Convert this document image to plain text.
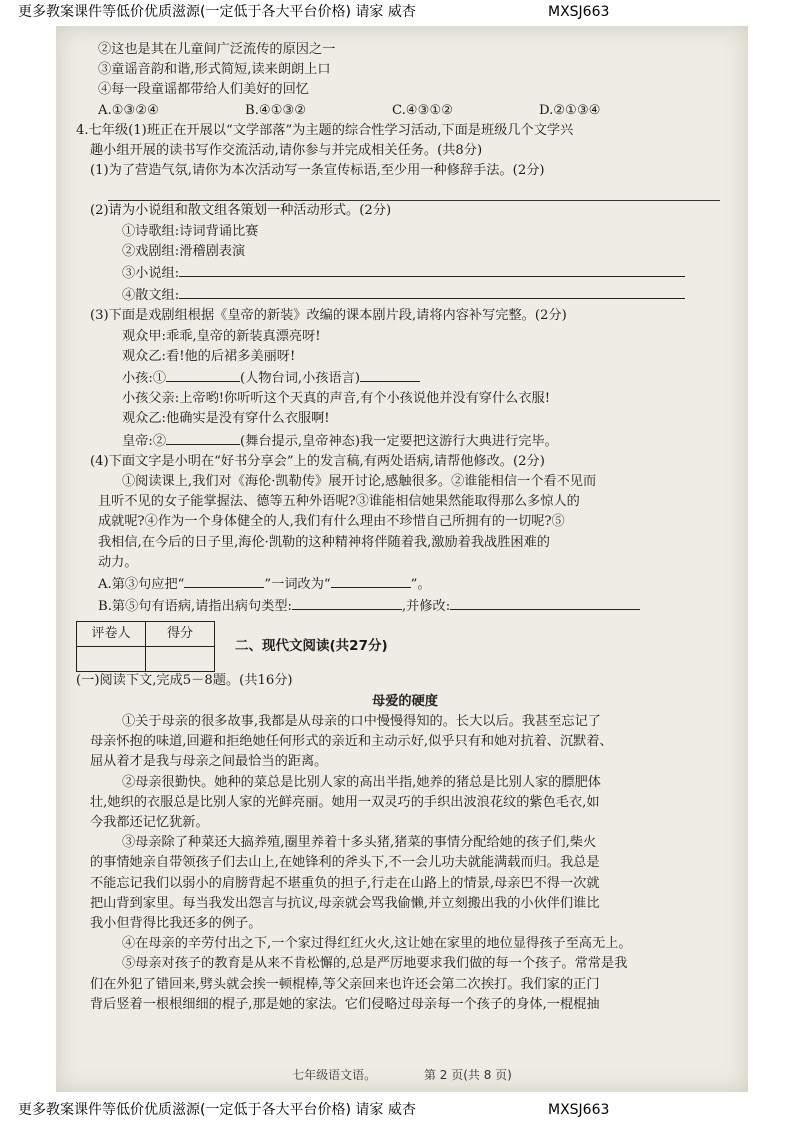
更多教案课件等低价优质滋源(一定低于各大平台价格) 请家 威杏	MXSJ663
②这也是其在儿童间广泛流传的原因之一
③童谣音韵和谐,形式简短,读来朗朗上口
④每一段童谣都带给人们美好的回忆
A.①③②④	B.④①③②	C.④③①②	D.②①③④
4.七年级(1)班正在开展以“文学部落”为主题的综合性学习活动,下面是班级几个文学兴
趣小组开展的读书写作交流活动,请你参与并完成相关任务。(共8分)
(1)为了营造气氛,请你为本次活动写一条宣传标语,至少用一种修辞手法。(2分)
(2)请为小说组和散文组各策划一种活动形式。(2分)
①诗歌组:诗词背诵比赛
②戏剧组:滑稽剧表演
③小说组:
④散文组:
(3)下面是戏剧组根据《皇帝的新装》改编的课本剧片段,请将内容补写完整。(2分)
观众甲:乖乖,皇帝的新装真漂亮呀!
观众乙:看!他的后裙多美丽呀!
小孩:①	(人物台词,小孩语言)
小孩父亲:上帝哟!你听听这个天真的声音,有个小孩说他并没有穿什么衣服!
观众乙:他确实是没有穿什么衣服啊!
皇帝:②	(舞台提示,皇帝神态)我一定要把这游行大典进行完毕。
(4)下面文字是小明在“好书分享会”上的发言稿,有两处语病,请帮他修改。(2分)
①阅读课上,我们对《海伦·凯勒传》展开讨论,感触很多。②谁能相信一个看不见而
且听不见的女子能掌握法、德等五种外语呢?③谁能相信她果然能取得那么多惊人的
成就呢?④作为一个身体健全的人,我们有什么理由不珍惜自己所拥有的一切呢?⑤
我相信,在今后的日子里,海伦·凯勒的这种精神将伴随着我,激励着我战胜困难的
动力。
A.第③句应把“	”一词改为“	”。
B.第⑤句有语病,请指出病句类型:	,并修改:
评卷人	得分

二、现代文阅读(共27分)
(一)阅读下文,完成5－8题。(共16分)
母爱的硬度
①关于母亲的很多故事,我都是从母亲的口中慢慢得知的。长大以后。我甚至忘记了
母亲怀抱的味道,回避和拒绝她任何形式的亲近和主动示好,似乎只有和她对抗着、沉默着、
屈从着才是我与母亲之间最恰当的距离。
②母亲很勤快。她种的菜总是比别人家的高出半指,她养的猪总是比别人家的膘肥体
壮,她织的衣服总是比别人家的光鲜亮丽。她用一双灵巧的手织出波浪花纹的紫色毛衣,如
今我都还记忆犹新。
③母亲除了种菜还大搞养殖,圈里养着十多头猪,猪菜的事情分配给她的孩子们,柴火
的事情她亲自带领孩子们去山上,在她锋利的斧头下,不一会儿功夫就能满载而归。我总是
不能忘记我们以弱小的肩膀背起不堪重负的担子,行走在山路上的情景,母亲巴不得一次就
把山背到家里。每当我发出怨言与抗议,母亲就会骂我偷懒,并立刻搬出我的小伙伴们谁比
我小但背得比我还多的例子。
④在母亲的辛劳付出之下,一个家过得红红火火,这让她在家里的地位显得孩子至高无上。
⑤母亲对孩子的教育是从来不肯松懈的,总是严厉地要求我们做的每一个孩子。常常是我
们在外犯了错回来,劈头就会挨一顿棍棒,等父亲回来也许还会第二次挨打。我们家的正门
背后竖着一根根细细的棍子,那是她的家法。它们侵略过母亲每一个孩子的身体,一棍棍抽
七年级语文语。	第 2 页(共 8 页)
更多教案课件等低价优质滋源(一定低于各大平台价格) 请家 威杏	MXSJ663
